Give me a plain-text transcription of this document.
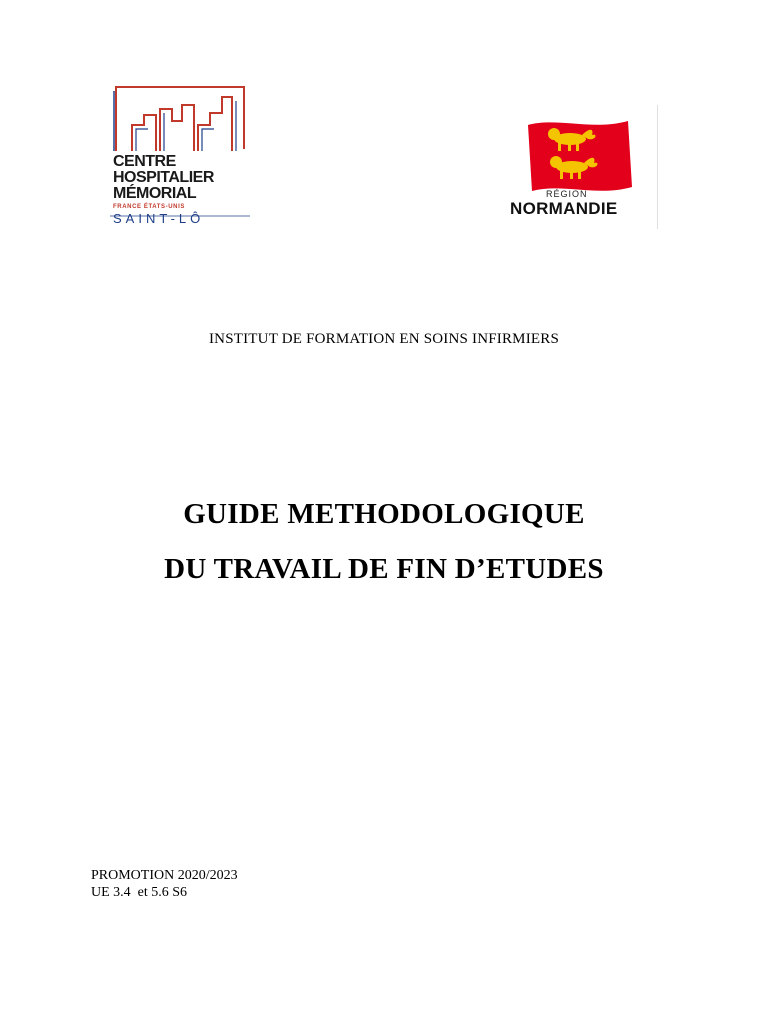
CENTRE
HOSPITALIER
MÉMORIAL
FRANCE ÉTATS-UNIS
SAINT-LÔ
RÉGION
NORMANDIE
INSTITUT DE FORMATION EN SOINS INFIRMIERS
GUIDE METHODOLOGIQUE
DU TRAVAIL DE FIN D’ETUDES
PROMOTION 2020/2023
UE 3.4  et 5.6 S6
